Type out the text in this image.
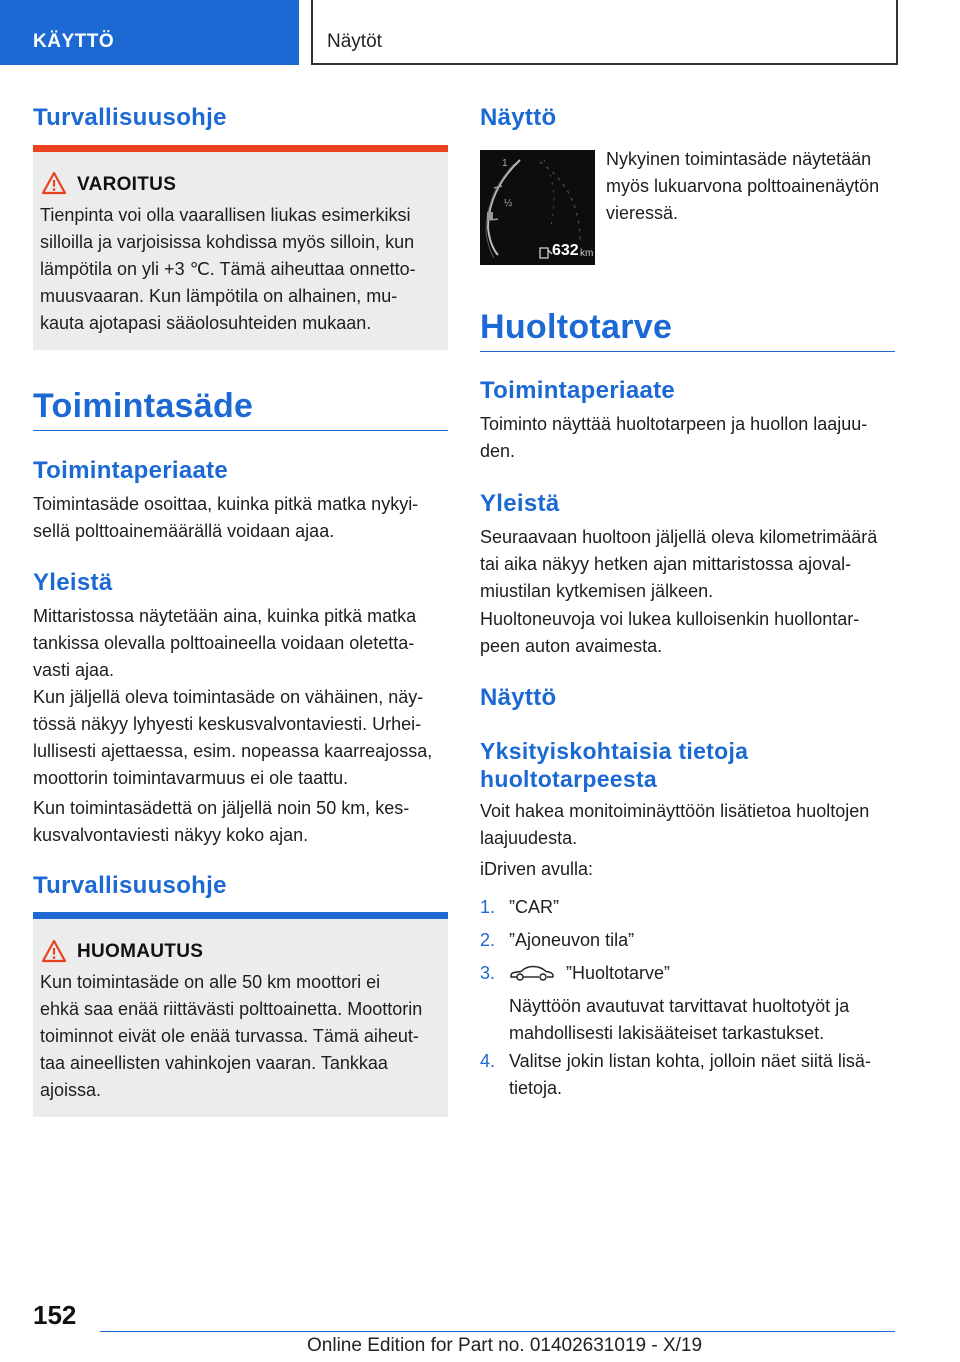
KÄYTTÖ	Näytöt
Turvallisuusohje
VAROITUS

Tienpinta voi olla vaarallisen liukas esimerkiksi
silloilla ja varjoisissa kohdissa myös silloin, kun
lämpötila on yli +3 ℃. Tämä aiheuttaa onnetto-
muusvaaran. Kun lämpötila on alhainen, mu-
kauta ajotapasi sääolosuhteiden mukaan.

Toimintasäde
Toimintaperiaate

Toimintasäde osoittaa, kuinka pitkä matka nykyi-
sellä polttoainemäärällä voidaan ajaa.

Yleistä

Mittaristossa näytetään aina, kuinka pitkä matka
tankissa olevalla polttoaineella voidaan oletetta-
vasti ajaa.

Kun jäljellä oleva toimintasäde on vähäinen, näy-
tössä näkyy lyhyesti keskusvalvontaviesti. Urhei-
lullisesti ajettaessa, esim. nopeassa kaarreajossa,
moottorin toimintavarmuus ei ole taattu.

Kun toimintasädettä on jäljellä noin 50 km, kes-
kusvalvontaviesti näkyy koko ajan.

Turvallisuusohje
HUOMAUTUS

Kun toimintasäde on alle 50 km moottori ei
ehkä saa enää riittävästi polttoainetta. Moottorin
toiminnot eivät ole enää turvassa. Tämä aiheut-
taa aineellisten vahinkojen vaaran. Tankkaa
ajoissa.

Näyttö
1
½
632 km

Nykyinen toimintasäde näytetään
myös lukuarvona polttoainenäytön
vieressä.

Huoltotarve
Toimintaperiaate

Toiminto näyttää huoltotarpeen ja huollon laajuu-
den.

Yleistä

Seuraavaan huoltoon jäljellä oleva kilometrimäärä
tai aika näkyy hetken ajan mittaristossa ajoval-
miustilan kytkemisen jälkeen.

Huoltoneuvoja voi lukea kulloisenkin huollontar-
peen auton avaimesta.

Näyttö
Yksityiskohtaisia tietoja
huoltotarpeesta

Voit hakea monitoiminäyttöön lisätietoa huoltojen
laajuudesta.

iDriven avulla:

1. ”CAR”
2. ”Ajoneuvon tila”
3.	”Huoltotarve”
Näyttöön avautuvat tarvittavat huoltotyöt ja
mahdollisesti lakisääteiset tarkastukset.
4. Valitse jokin listan kohta, jolloin näet siitä lisä-
tietoja.
152
Online Edition for Part no. 01402631019 - X/19
